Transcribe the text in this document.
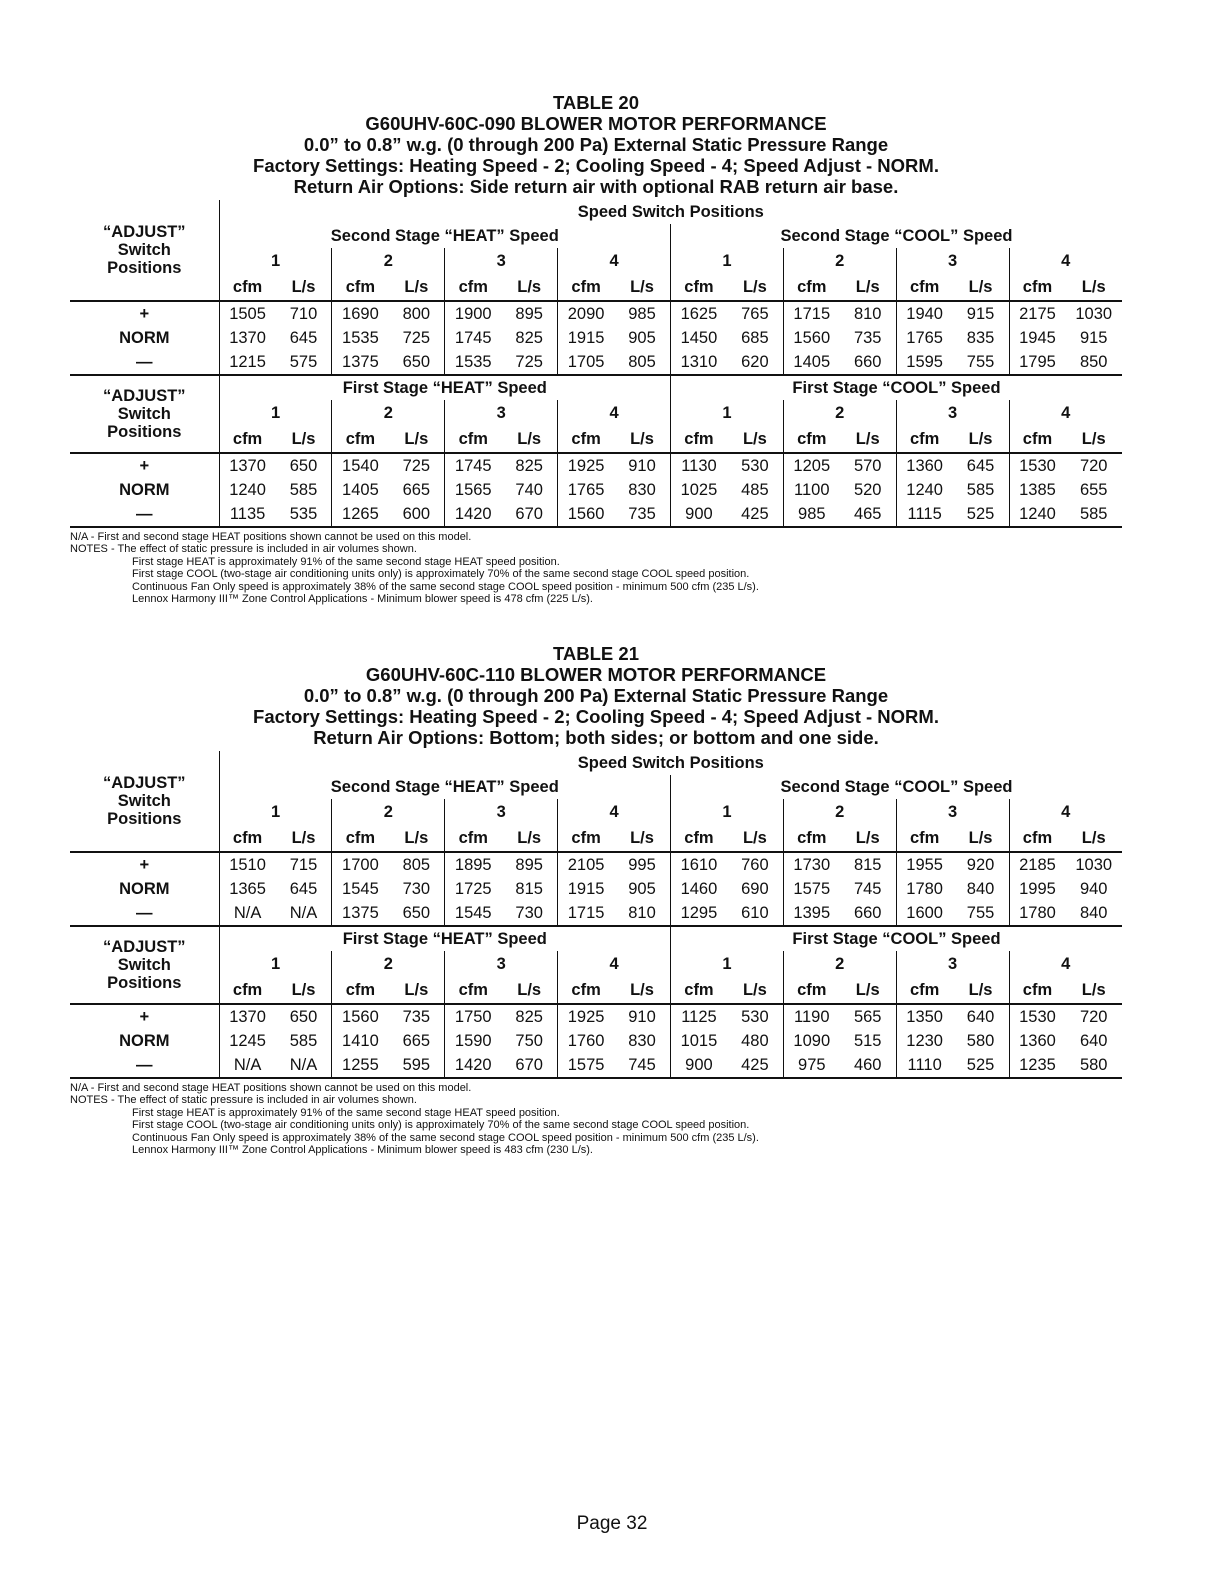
TABLE 20
G60UHV-60C-090 BLOWER MOTOR PERFORMANCE
0.0” to 0.8” w.g. (0 through 200 Pa) External Static Pressure Range
Factory Settings: Heating Speed - 2; Cooling Speed - 4; Speed Adjust - NORM.
Return Air Options: Side return air with optional RAB return air base.
“ADJUST”
Switch
Positions	Speed Switch Positions															
	Second Stage “HEAT” Speed								Second Stage “COOL” Speed							
	1		2		3		4		1		2		3		4	
	cfm	L/s	cfm	L/s	cfm	L/s	cfm	L/s	cfm	L/s	cfm	L/s	cfm	L/s	cfm	L/s
+	1505	710	1690	800	1900	895	2090	985	1625	765	1715	810	1940	915	2175	1030
NORM	1370	645	1535	725	1745	825	1915	905	1450	685	1560	735	1765	835	1945	915
—	1215	575	1375	650	1535	725	1705	805	1310	620	1405	660	1595	755	1795	850

“ADJUST”
Switch
Positions	First Stage “HEAT” Speed								First Stage “COOL” Speed							
	1		2		3		4		1		2		3		4	
	cfm	L/s	cfm	L/s	cfm	L/s	cfm	L/s	cfm	L/s	cfm	L/s	cfm	L/s	cfm	L/s
+	1370	650	1540	725	1745	825	1925	910	1130	530	1205	570	1360	645	1530	720
NORM	1240	585	1405	665	1565	740	1765	830	1025	485	1100	520	1240	585	1385	655
—	1135	535	1265	600	1420	670	1560	735	900	425	985	465	1115	525	1240	585
N/A - First and second stage HEAT positions shown cannot be used on this model.
NOTES - The effect of static pressure is included in air volumes shown.
First stage HEAT is approximately 91% of the same second stage HEAT speed position.
First stage COOL (two-stage air conditioning units only) is approximately 70% of the same second stage COOL speed position.
Continuous Fan Only speed is approximately 38% of the same second stage COOL speed position - minimum 500 cfm (235 L/s).
Lennox Harmony III™ Zone Control Applications - Minimum blower speed is 478 cfm (225 L/s).
TABLE 21
G60UHV-60C-110 BLOWER MOTOR PERFORMANCE
0.0” to 0.8” w.g. (0 through 200 Pa) External Static Pressure Range
Factory Settings: Heating Speed - 2; Cooling Speed - 4; Speed Adjust - NORM.
Return Air Options: Bottom; both sides; or bottom and one side.
“ADJUST”
Switch
Positions	Speed Switch Positions															
	Second Stage “HEAT” Speed								Second Stage “COOL” Speed							
	1		2		3		4		1		2		3		4	
	cfm	L/s	cfm	L/s	cfm	L/s	cfm	L/s	cfm	L/s	cfm	L/s	cfm	L/s	cfm	L/s
+	1510	715	1700	805	1895	895	2105	995	1610	760	1730	815	1955	920	2185	1030
NORM	1365	645	1545	730	1725	815	1915	905	1460	690	1575	745	1780	840	1995	940
—	N/A	N/A	1375	650	1545	730	1715	810	1295	610	1395	660	1600	755	1780	840

“ADJUST”
Switch
Positions	First Stage “HEAT” Speed								First Stage “COOL” Speed							
	1		2		3		4		1		2		3		4	
	cfm	L/s	cfm	L/s	cfm	L/s	cfm	L/s	cfm	L/s	cfm	L/s	cfm	L/s	cfm	L/s
+	1370	650	1560	735	1750	825	1925	910	1125	530	1190	565	1350	640	1530	720
NORM	1245	585	1410	665	1590	750	1760	830	1015	480	1090	515	1230	580	1360	640
—	N/A	N/A	1255	595	1420	670	1575	745	900	425	975	460	1110	525	1235	580
N/A - First and second stage HEAT positions shown cannot be used on this model.
NOTES - The effect of static pressure is included in air volumes shown.
First stage HEAT is approximately 91% of the same second stage HEAT speed position.
First stage COOL (two-stage air conditioning units only) is approximately 70% of the same second stage COOL speed position.
Continuous Fan Only speed is approximately 38% of the same second stage COOL speed position - minimum 500 cfm (235 L/s).
Lennox Harmony III™ Zone Control Applications - Minimum blower speed is 483 cfm (230 L/s).
Page 32
